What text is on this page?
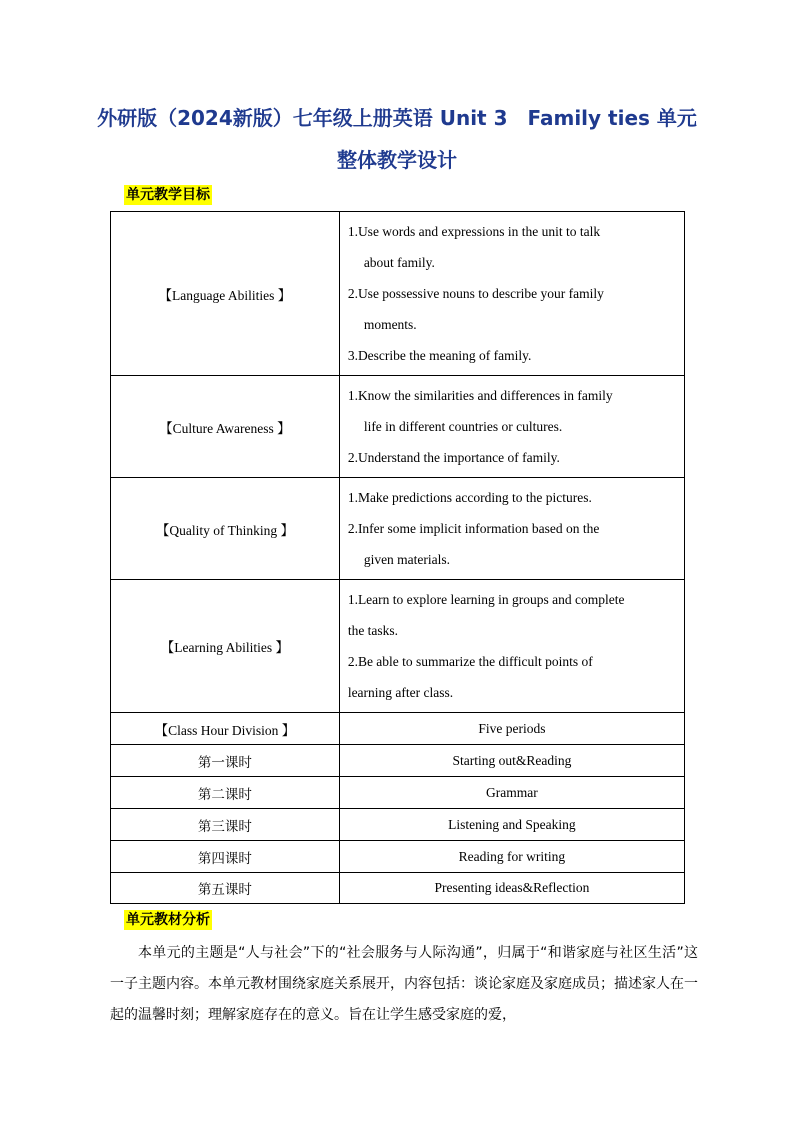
外研版（2024新版）七年级上册英语 Unit 3　Family ties 单元
整体教学设计
单元教学目标
【Language Abilities 】	1.Use words and expressions in the unit to talk
about family.
2.Use possessive nouns to describe your family
moments.
3.Describe the meaning of family.

【Culture Awareness 】	1.Know the similarities and differences in family
life in different countries or cultures.
2.Understand the importance of family.

【Quality of Thinking 】	1.Make predictions according to the pictures.
2.Infer some implicit information based on the
given materials.

【Learning Abilities 】	1.Learn to explore learning in groups and complete
the tasks.
2.Be able to summarize the difficult points of
learning after class.

【Class Hour Division 】	Five periods
第一课时	Starting out&Reading
第二课时	Grammar
第三课时	Listening and Speaking
第四课时	Reading for writing
第五课时	Presenting ideas&Reflection
单元教材分析
本单元的主题是“人与社会”下的“社会服务与人际沟通”，归属于“和谐家庭与社区生活”这一子主题内容。本单元教材围绕家庭关系展开，内容包括：谈论家庭及家庭成员；描述家人在一起的温馨时刻；理解家庭存在的意义。旨在让学生感受家庭的爱，
